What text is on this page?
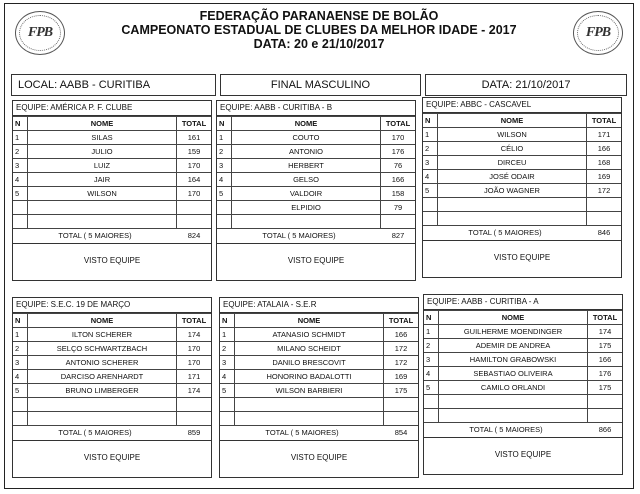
FPB	FPB
FEDERAÇÃO PARANAENSE DE BOLÃO
CAMPEONATO ESTADUAL DE CLUBES DA MELHOR IDADE - 2017
DATA: 20 e 21/10/2017
LOCAL: AABB - CURITIBA	FINAL MASCULINO	DATA: 21/10/2017
EQUIPE: AMÉRICA P. F. CLUBE
N	NOME	TOTAL
1	SILAS	161
2	JULIO	159
3	LUIZ	170
4	JAIR	164
5	WILSON	170

TOTAL ( 5 MAIORES)	824
VISTO EQUIPE
EQUIPE: AABB - CURITIBA - B
N	NOME	TOTAL
1	COUTO	170
2	ANTONIO	176
3	HERBERT	76
4	GELSO	166
5	VALDOIR	158
	ELPIDIO	79

TOTAL ( 5 MAIORES)	827
VISTO EQUIPE
EQUIPE: ABBC - CASCAVEL
N	NOME	TOTAL
1	WILSON	171
2	CÉLIO	166
3	DIRCEU	168
4	JOSÉ ODAIR	169
5	JOÃO WAGNER	172

TOTAL ( 5 MAIORES)	846
VISTO EQUIPE
EQUIPE: S.E.C. 19 DE MARÇO
N	NOME	TOTAL
1	ILTON SCHERER	174
2	SELÇO SCHWARTZBACH	170
3	ANTONIO SCHERER	170
4	DARCISO ARENHARDT	171
5	BRUNO LIMBERGER	174

TOTAL ( 5 MAIORES)	859
VISTO EQUIPE
EQUIPE: ATALAIA - S.E.R
N	NOME	TOTAL
1	ATANASIO SCHMIDT	166
2	MILANO SCHEIDT	172
3	DANILO BRESCOVIT	172
4	HONORINO BADALOTTI	169
5	WILSON BARBIERI	175

TOTAL ( 5 MAIORES)	854
VISTO EQUIPE
EQUIPE: AABB - CURITIBA - A
N	NOME	TOTAL
1	GUILHERME MOENDINGER	174
2	ADEMIR DE ANDREA	175
3	HAMILTON GRABOWSKI	166
4	SEBASTIAO OLIVEIRA	176
5	CAMILO ORLANDI	175

TOTAL ( 5 MAIORES)	866
VISTO EQUIPE
